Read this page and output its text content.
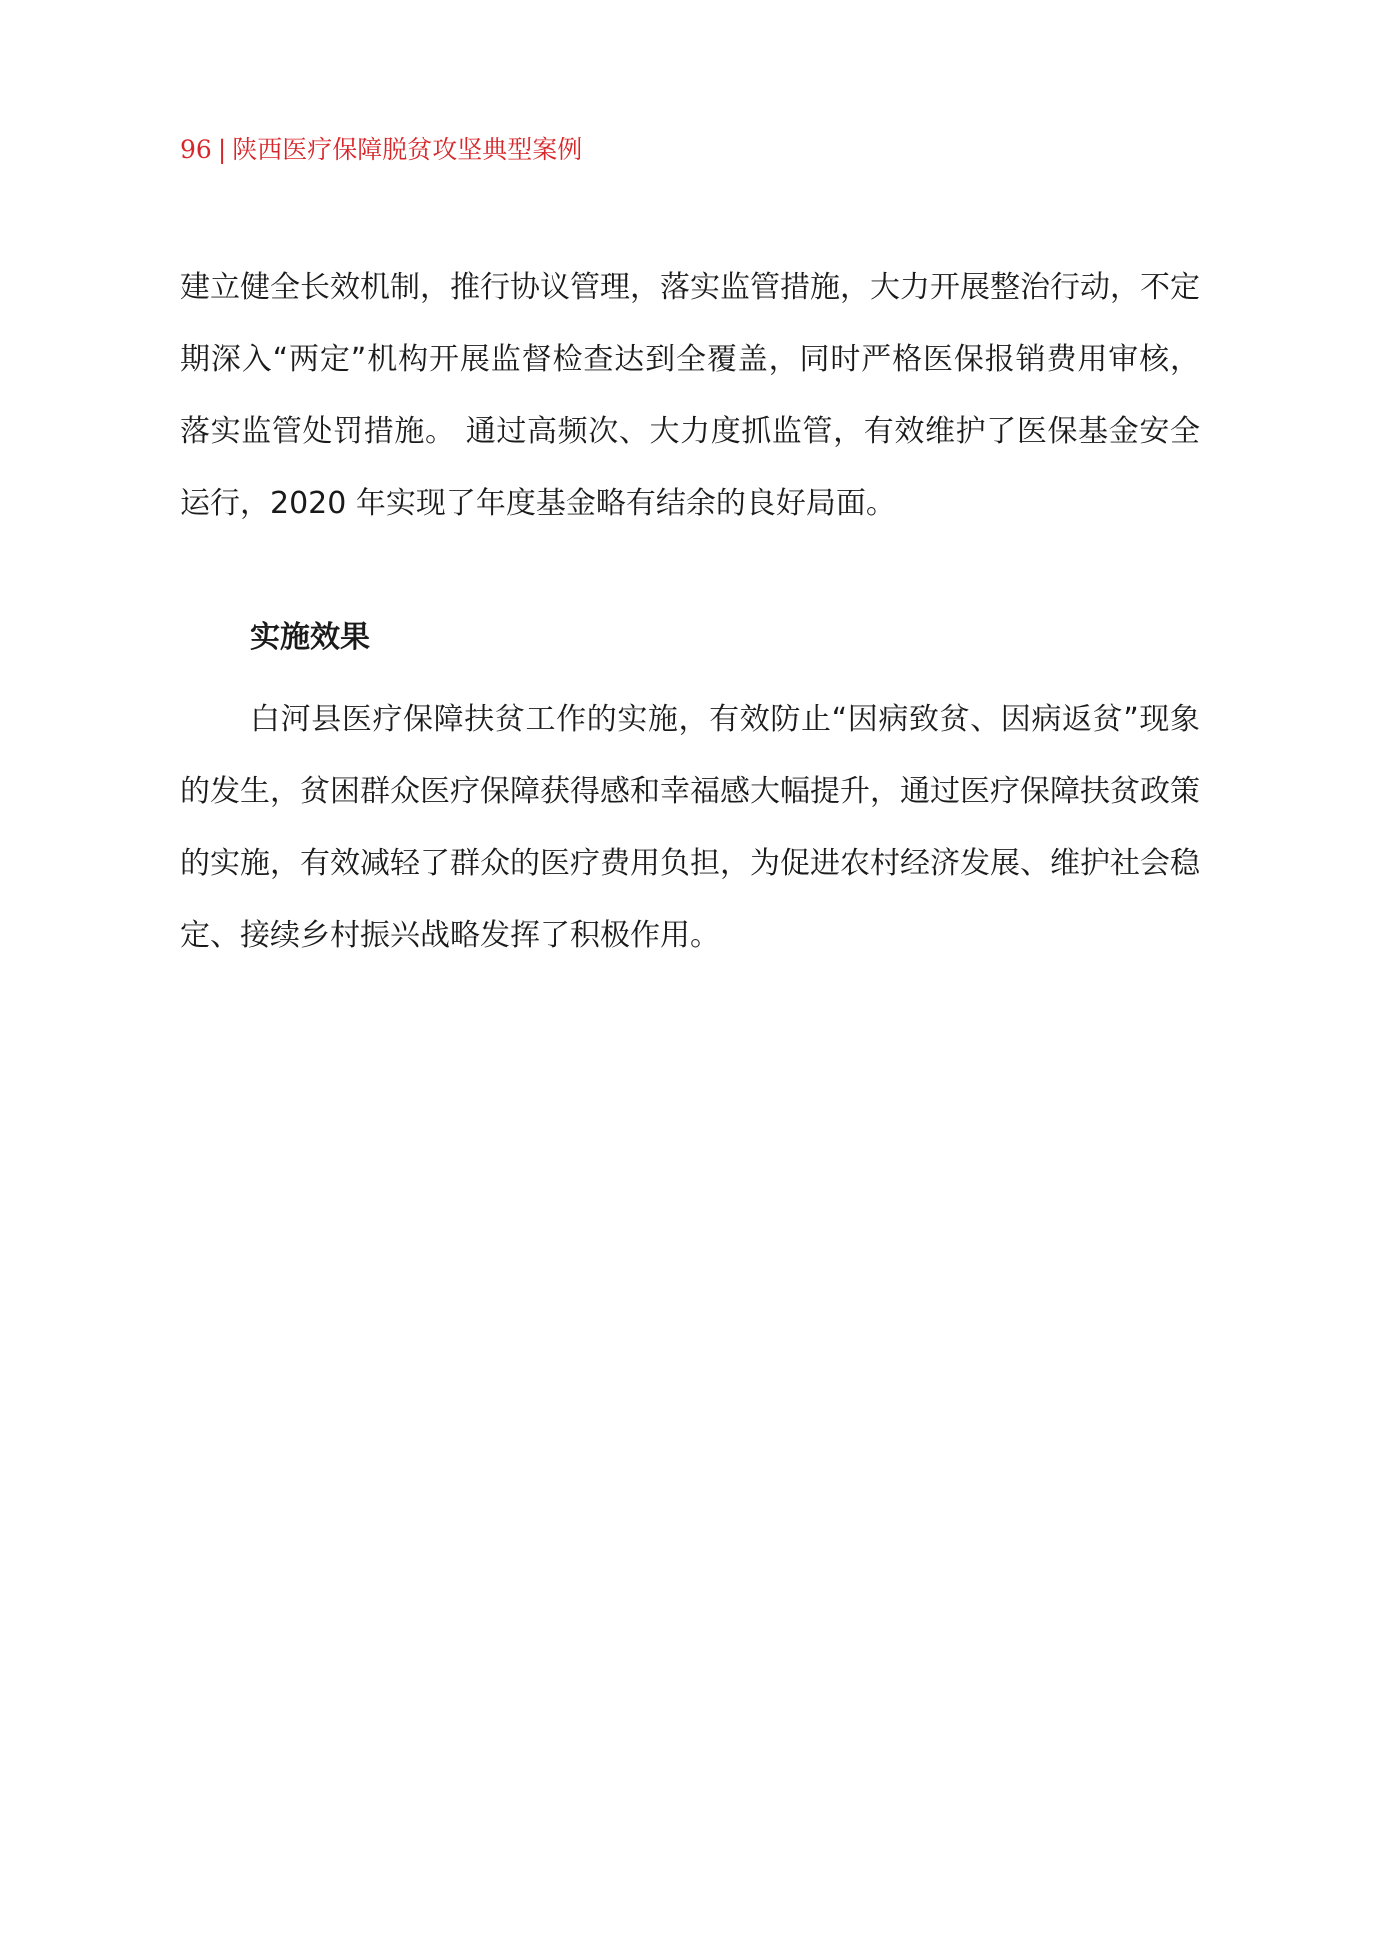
96 | 陕西医疗保障脱贫攻坚典型案例

建立健全长效机制，推行协议管理，落实监管措施，大力开展整治行动，不定期深入“两定”机构开展监督检查达到全覆盖，同时严格医保报销费用审核，落实监管处罚措施。 通过高频次、大力度抓监管，有效维护了医保基金安全运行，2020 年实现了年度基金略有结余的良好局面。

实施效果

白河县医疗保障扶贫工作的实施，有效防止“因病致贫、因病返贫”现象的发生，贫困群众医疗保障获得感和幸福感大幅提升，通过医疗保障扶贫政策的实施，有效减轻了群众的医疗费用负担，为促进农村经济发展、维护社会稳定、接续乡村振兴战略发挥了积极作用。
